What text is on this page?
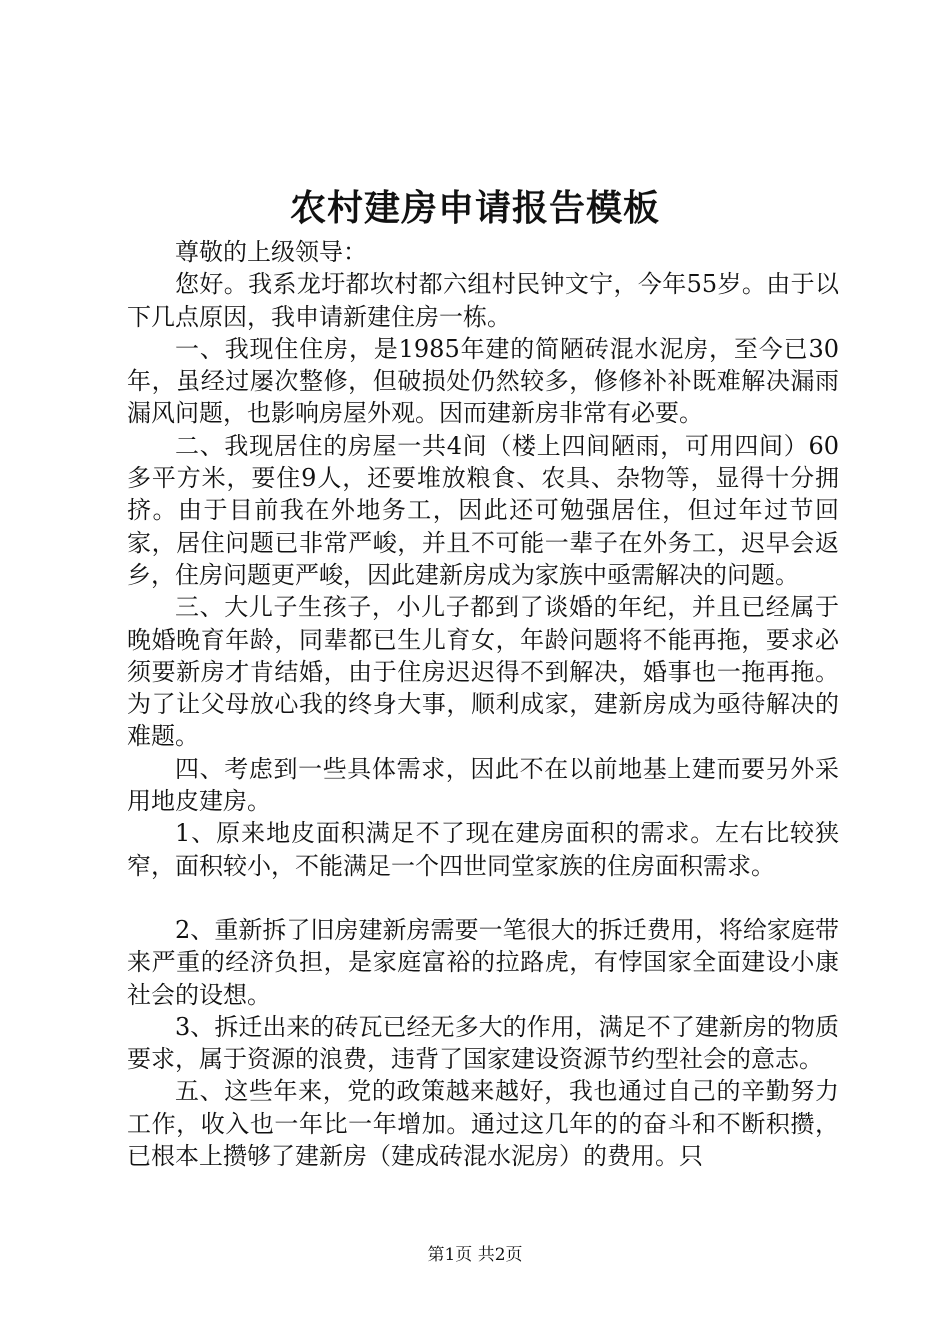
农村建房申请报告模板

尊敬的上级领导：

您好。我系龙圩都坎村都六组村民钟文宁，今年55岁。由于以下几点原因，我申请新建住房一栋。

一、我现住住房，是1985年建的简陋砖混水泥房，至今已30年，虽经过屡次整修，但破损处仍然较多，修修补补既难解决漏雨漏风问题，也影响房屋外观。因而建新房非常有必要。

二、我现居住的房屋一共4间（楼上四间陋雨，可用四间）60多平方米，要住9人，还要堆放粮食、农具、杂物等，显得十分拥挤。由于目前我在外地务工，因此还可勉强居住，但过年过节回家，居住问题已非常严峻，并且不可能一辈子在外务工，迟早会返乡，住房问题更严峻，因此建新房成为家族中亟需解决的问题。

三、大儿子生孩子，小儿子都到了谈婚的年纪，并且已经属于晚婚晚育年龄，同辈都已生儿育女，年龄问题将不能再拖，要求必须要新房才肯结婚，由于住房迟迟得不到解决，婚事也一拖再拖。为了让父母放心我的终身大事，顺利成家，建新房成为亟待解决的难题。

四、考虑到一些具体需求，因此不在以前地基上建而要另外采用地皮建房。

1、原来地皮面积满足不了现在建房面积的需求。左右比较狭窄，面积较小，不能满足一个四世同堂家族的住房面积需求。

2、重新拆了旧房建新房需要一笔很大的拆迁费用，将给家庭带来严重的经济负担，是家庭富裕的拉路虎，有悖国家全面建设小康社会的设想。

3、拆迁出来的砖瓦已经无多大的作用，满足不了建新房的物质要求，属于资源的浪费，违背了国家建设资源节约型社会的意志。

五、这些年来，党的政策越来越好，我也通过自己的辛勤努力工作，收入也一年比一年增加。通过这几年的的奋斗和不断积攒，已根本上攒够了建新房（建成砖混水泥房）的费用。只

第1页 共2页
